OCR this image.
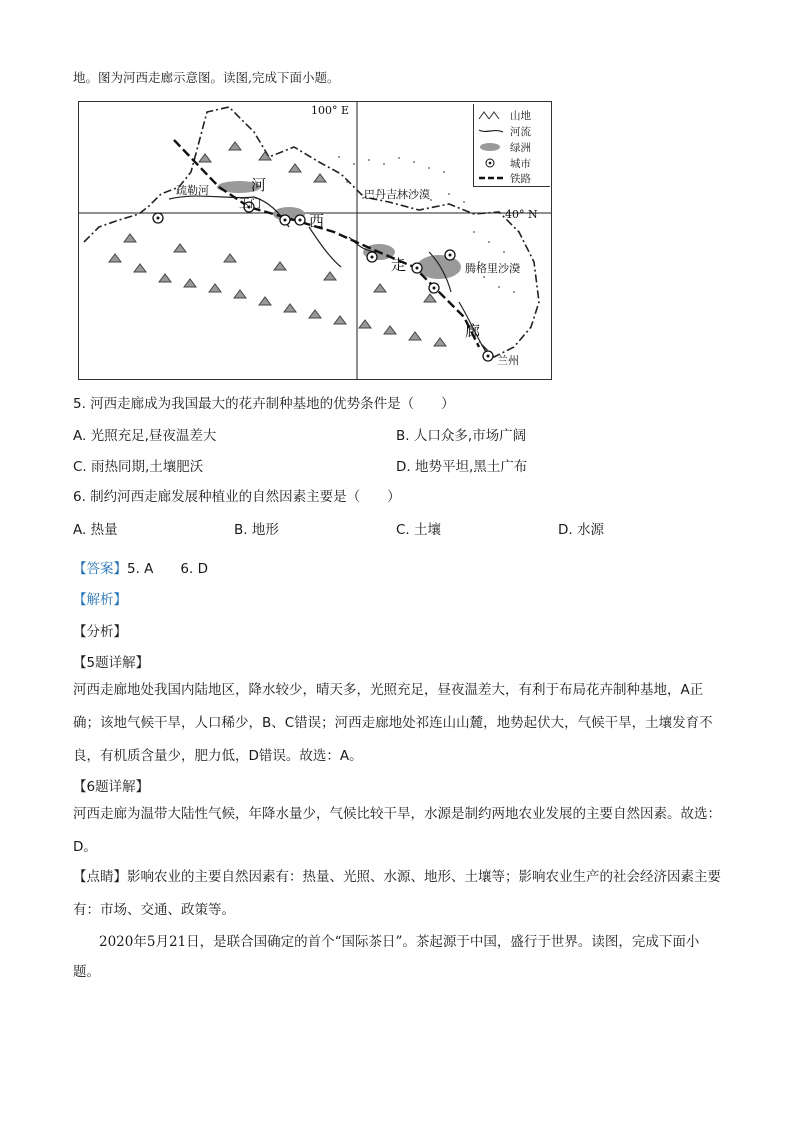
地。图为河西走廊示意图。读图,完成下面小题。
100° E
40° N
疏勒河
玉门
河
西
走
廊
巴丹吉林沙漠
腾格里沙漠
兰州
山地
河流
绿洲
城市
铁路
5. 河西走廊成为我国最大的花卉制种基地的优势条件是（　　）
A. 光照充足,昼夜温差大	B. 人口众多,市场广阔
C. 雨热同期,土壤肥沃	D. 地势平坦,黑土广布
6. 制约河西走廊发展种植业的自然因素主要是（　　）
A. 热量	B. 地形	C. 土壤	D. 水源
【答案】5. A　　6. D
【解析】
【分析】
【5题详解】
河西走廊地处我国内陆地区，降水较少，晴天多，光照充足，昼夜温差大，有利于布局花卉制种基地，A正确；该地气候干旱，人口稀少，B、C错误；河西走廊地处祁连山山麓，地势起伏大，气候干旱，土壤发育不良，有机质含量少，肥力低，D错误。故选：A。
【6题详解】
河西走廊为温带大陆性气候，年降水量少，气候比较干旱，水源是制约两地农业发展的主要自然因素。故选：D。
【点睛】影响农业的主要自然因素有：热量、光照、水源、地形、土壤等；影响农业生产的社会经济因素主要有：市场、交通、政策等。
2020年5月21日，是联合国确定的首个“国际茶日”。茶起源于中国，盛行于世界。读图，完成下面小题。
